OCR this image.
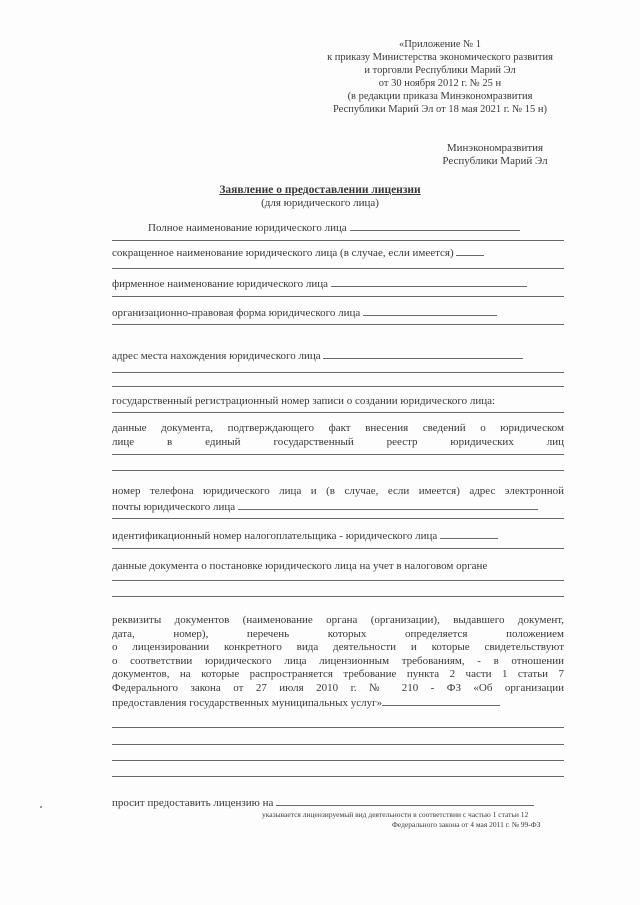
«Приложение № 1
к приказу Министерства экономического развития
и торговли Республики Марий Эл
от 30 ноября 2012 г. № 25 н
(в редакции приказа Минэкономразвития
Республики Марий Эл от 18 мая 2021 г. № 15 н)
Минэкономразвития
Республики Марий Эл
Заявление о предоставлении лицензии
(для юридического лица)
Полное наименование юридического лица
сокращенное наименование юридического лица (в случае, если имеется)
фирменное наименование юридического лица
организационно-правовая форма юридического лица
адрес места нахождения юридического лица
государственный регистрационный номер записи о создании юридического лица:
данные документа, подтверждающего факт внесения сведений о юридическом
лице в единый государственный реестр юридических лиц
номер телефона юридического лица и (в случае, если имеется) адрес электронной
почты юридического лица
идентификационный номер налогоплательщика - юридического лица
данные документа о постановке юридического лица на учет в налоговом органе
реквизиты документов (наименование органа (организации), выдавшего документ,
дата, номер), перечень которых определяется положением
о лицензировании конкретного вида деятельности и которые свидетельствуют
о соответствии юридического лица лицензионным требованиям, - в отношении
документов, на которые распространяется требование пункта 2 части 1 статьи 7
Федерального закона от 27 июля 2010 г. № 210 - ФЗ «Об организации
предоставления государственных муниципальных услуг»
просит предоставить лицензию на
указывается лицензируемый вид деятельности в соответствии с частью 1 статьи 12
Федерального закона от 4 мая 2011 г. № 99-ФЗ
